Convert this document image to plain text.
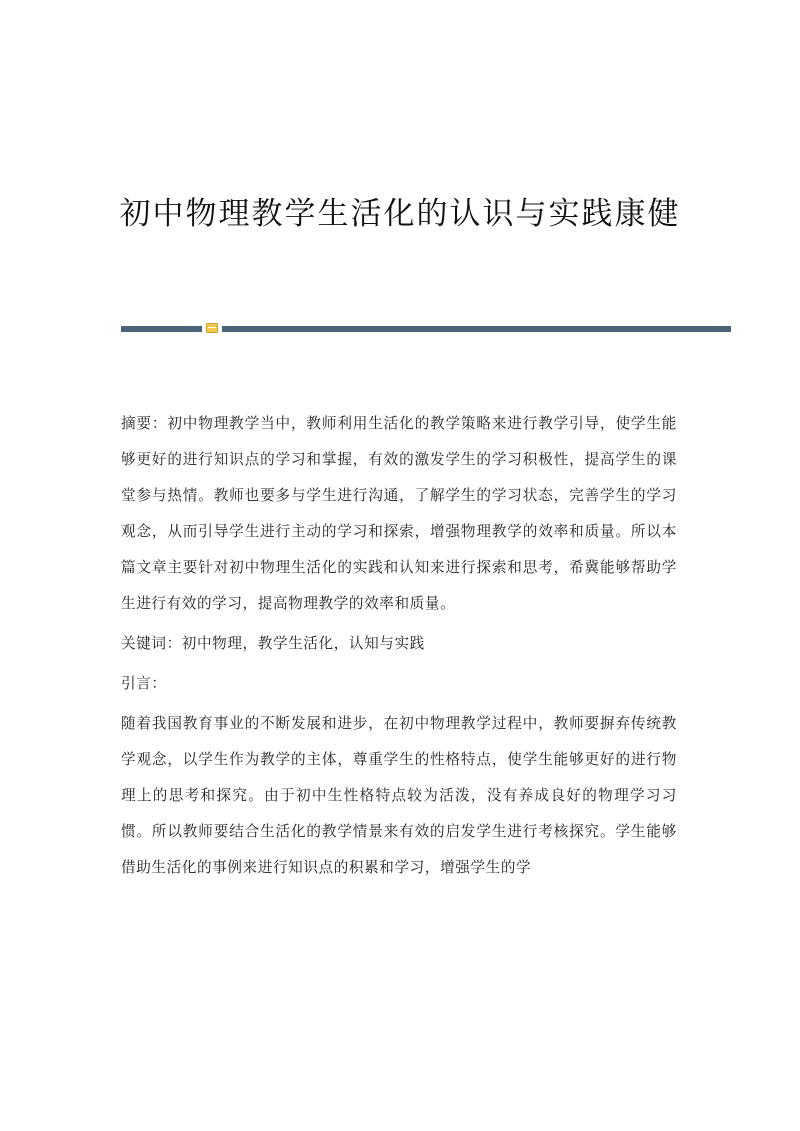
初中物理教学生活化的认识与实践康健

摘要：初中物理教学当中，教师利用生活化的教学策略来进行教学引导，使学生能够更好的进行知识点的学习和掌握，有效的激发学生的学习积极性，提高学生的课堂参与热情。教师也要多与学生进行沟通，了解学生的学习状态，完善学生的学习观念，从而引导学生进行主动的学习和探索，增强物理教学的效率和质量。所以本篇文章主要针对初中物理生活化的实践和认知来进行探索和思考，希冀能够帮助学生进行有效的学习，提高物理教学的效率和质量。

关键词：初中物理，教学生活化，认知与实践

引言：

随着我国教育事业的不断发展和进步，在初中物理教学过程中，教师要摒弃传统教学观念，以学生作为教学的主体，尊重学生的性格特点，使学生能够更好的进行物理上的思考和探究。由于初中生性格特点较为活泼，没有养成良好的物理学习习惯。所以教师要结合生活化的教学情景来有效的启发学生进行考核探究。学生能够借助生活化的事例来进行知识点的积累和学习，增强学生的学
